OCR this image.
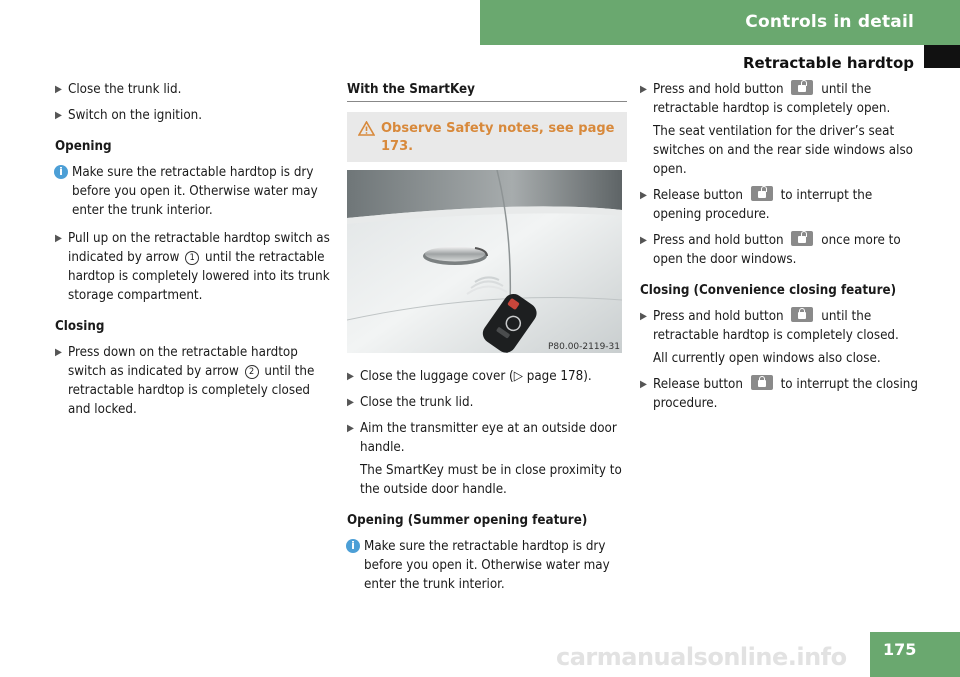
Controls in detail
Retractable hardtop
▶ Close the trunk lid.
▶ Switch on the ignition.
Opening
i Make sure the retractable hardtop is dry before you open it. Otherwise water may enter the trunk interior.
▶ Pull up on the retractable hardtop switch as indicated by arrow 1 until the retractable hardtop is completely lowered into its trunk storage compartment.
Closing
▶ Press down on the retractable hardtop switch as indicated by arrow 2 until the retractable hardtop is completely closed and locked.
With the SmartKey
Observe Safety notes, see page 173.
P80.00-2119-31
▶ Close the luggage cover (▷ page 178).
▶ Close the trunk lid.
▶ Aim the transmitter eye at an outside door handle.
The SmartKey must be in close proximity to the outside door handle.
Opening (Summer opening feature)
i Make sure the retractable hardtop is dry before you open it. Otherwise water may enter the trunk interior.
▶ Press and hold button	until the retractable hardtop is completely open.
The seat ventilation for the driver’s seat switches on and the rear side windows also open.
▶ Release button	to interrupt the opening procedure.
▶ Press and hold button	once more to open the door windows.
Closing (Convenience closing feature)
▶ Press and hold button	until the retractable hardtop is completely closed.
All currently open windows also close.
▶ Release button	to interrupt the closing procedure.
carmanualsonline.info 175
